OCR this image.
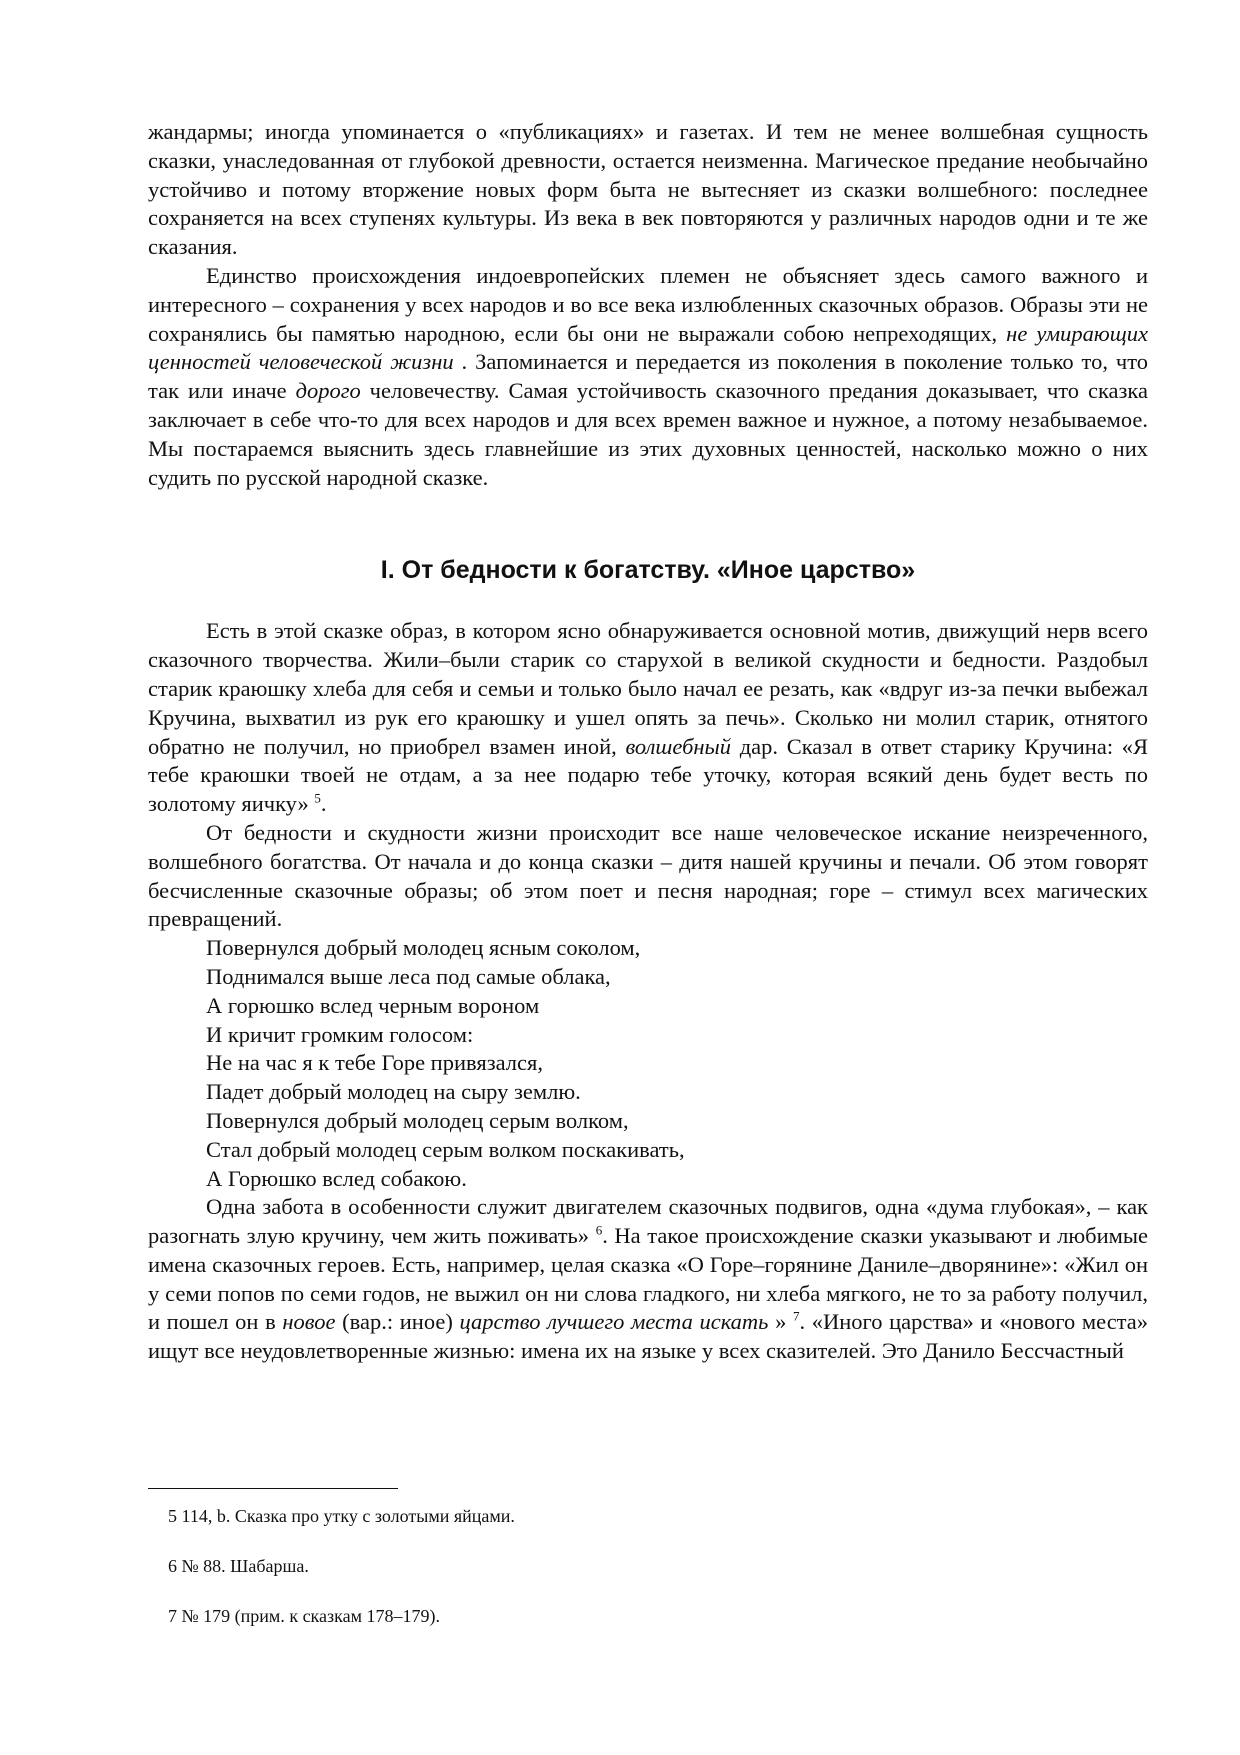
жандармы; иногда упоминается о «публикациях» и газетах. И тем не менее волшебная сущность сказки, унаследованная от глубокой древности, остается неизменна. Магическое предание необычайно устойчиво и потому вторжение новых форм быта не вытесняет из сказки волшебного: последнее сохраняется на всех ступенях культуры. Из века в век повторяются у различных народов одни и те же сказания.

Единство происхождения индоевропейских племен не объясняет здесь самого важного и интересного – сохранения у всех народов и во все века излюбленных сказочных образов. Образы эти не сохранялись бы памятью народною, если бы они не выражали собою непреходящих, не умирающих ценностей человеческой жизни . Запоминается и передается из поколения в поколение только то, что так или иначе дорого человечеству. Самая устойчивость сказочного предания доказывает, что сказка заключает в себе что-то для всех народов и для всех времен важное и нужное, а потому незабываемое. Мы постараемся выяснить здесь главнейшие из этих духовных ценностей, насколько можно о них судить по русской народной сказке.

I. От бедности к богатству. «Иное царство»

Есть в этой сказке образ, в котором ясно обнаруживается основной мотив, движущий нерв всего сказочного творчества. Жили–были старик со старухой в великой скудности и бедности. Раздобыл старик краюшку хлеба для себя и семьи и только было начал ее резать, как «вдруг из-за печки выбежал Кручина, выхватил из рук его краюшку и ушел опять за печь». Сколько ни молил старик, отнятого обратно не получил, но приобрел взамен иной, волшебный дар. Сказал в ответ старику Кручина: «Я тебе краюшки твоей не отдам, а за нее подарю тебе уточку, которая всякий день будет весть по золотому яичку» $^5$.

От бедности и скудности жизни происходит все наше человеческое искание неизреченного, волшебного богатства. От начала и до конца сказки – дитя нашей кручины и печали. Об этом говорят бесчисленные сказочные образы; об этом поет и песня народная; горе – стимул всех магических превращений.

Повернулся добрый молодец ясным соколом,
Поднимался выше леса под самые облака,
А горюшко вслед черным вороном
И кричит громким голосом:
Не на час я к тебе Горе привязался,
Падет добрый молодец на сыру землю.
Повернулся добрый молодец серым волком,
Стал добрый молодец серым волком поскакивать,
А Горюшко вслед собакою.

Одна забота в особенности служит двигателем сказочных подвигов, одна «дума глубокая», – как разогнать злую кручину, чем жить поживать» $^6$. На такое происхождение сказки указывают и любимые имена сказочных героев. Есть, например, целая сказка «О Горе–горянине Даниле–дворянине»: «Жил он у семи попов по семи годов, не выжил он ни слова гладкого, ни хлеба мягкого, не то за работу получил, и пошел он в новое (вар.: иное) царство лучшего места искать » $^7$. «Иного царства» и «нового места» ищут все неудовлетворенные жизнью: имена их на языке у всех сказителей. Это Данило Бессчастный

5 114, b. Сказка про утку с золотыми яйцами.

6 № 88. Шабарша.

7 № 179 (прим. к сказкам 178–179).
